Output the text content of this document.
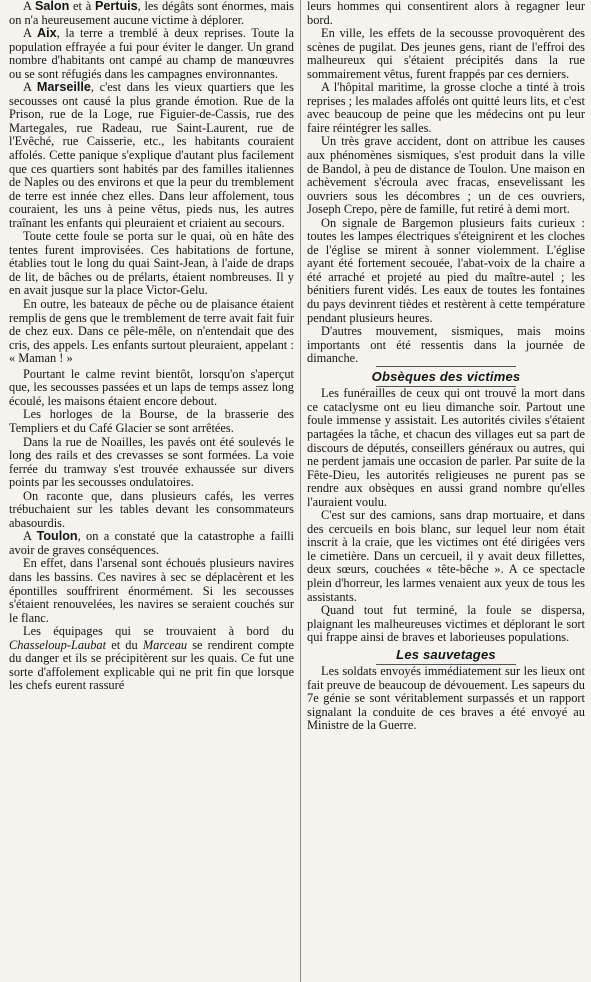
A Salon et à Pertuis, les dégâts sont énormes, mais on n'a heureusement aucune victime à déplorer.

A Aix, la terre a tremblé à deux reprises. Toute la population effrayée a fui pour éviter le danger. Un grand nombre d'habitants ont campé au champ de manœuvres ou se sont réfugiés dans les campagnes environnantes.

A Marseille, c'est dans les vieux quartiers que les secousses ont causé la plus grande émotion. Rue de la Prison, rue de la Loge, rue Figuier-de-Cassis, rue des Martegales, rue Radeau, rue Saint-Laurent, rue de l'Evêché, rue Caisserie, etc., les habitants couraient affolés. Cette panique s'explique d'autant plus facilement que ces quartiers sont habités par des familles italiennes de Naples ou des environs et que la peur du tremblement de terre est innée chez elles. Dans leur affolement, tous couraient, les uns à peine vêtus, pieds nus, les autres traînant les enfants qui pleuraient et criaient au secours.

Toute cette foule se porta sur le quai, où en hâte des tentes furent improvisées. Ces habitations de fortune, établies tout le long du quai Saint-Jean, à l'aide de draps de lit, de bâches ou de prélarts, étaient nombreuses. Il y en avait jusque sur la place Victor-Gelu.

En outre, les bateaux de pêche ou de plaisance étaient remplis de gens que le tremblement de terre avait fait fuir de chez eux. Dans ce pêle-mêle, on n'entendait que des cris, des appels. Les enfants surtout pleuraient, appelant : « Maman ! »

Pourtant le calme revint bientôt, lorsqu'on s'aperçut que, les secousses passées et un laps de temps assez long écoulé, les maisons étaient encore debout.

Les horloges de la Bourse, de la brasserie des Templiers et du Café Glacier se sont arrêtées.

Dans la rue de Noailles, les pavés ont été soulevés le long des rails et des crevasses se sont formées. La voie ferrée du tramway s'est trouvée exhaussée sur divers points par les secousses ondulatoires.

On raconte que, dans plusieurs cafés, les verres trébuchaient sur les tables devant les consommateurs abasourdis.

A Toulon, on a constaté que la catastrophe a failli avoir de graves conséquences.

En effet, dans l'arsenal sont échoués plusieurs navires dans les bassins. Ces navires à sec se déplacèrent et les épontilles souffrirent énormément. Si les secousses s'étaient renouvelées, les navires se seraient couchés sur le flanc.

Les équipages qui se trouvaient à bord du Chasseloup-Laubat et du Marceau se rendirent compte du danger et ils se précipitèrent sur les quais. Ce fut une sorte d'affolement explicable qui ne prit fin que lorsque les chefs eurent rassuré

leurs hommes qui consentirent alors à regagner leur bord.

En ville, les effets de la secousse provoquèrent des scènes de pugilat. Des jeunes gens, riant de l'effroi des malheureux qui s'étaient précipités dans la rue sommairement vêtus, furent frappés par ces derniers.

A l'hôpital maritime, la grosse cloche a tinté à trois reprises ; les malades affolés ont quitté leurs lits, et c'est avec beaucoup de peine que les médecins ont pu leur faire réintégrer les salles.

Un très grave accident, dont on attribue les causes aux phénomènes sismiques, s'est produit dans la ville de Bandol, à peu de distance de Toulon. Une maison en achèvement s'écroula avec fracas, ensevelissant les ouvriers sous les décombres ; un de ces ouvriers, Joseph Crepo, père de famille, fut retiré à demi mort.

On signale de Bargemon plusieurs faits curieux : toutes les lampes électriques s'éteignirent et les cloches de l'église se mirent à sonner violemment. L'église ayant été fortement secouée, l'abat-voix de la chaire a été arraché et projeté au pied du maître-autel ; les bénitiers furent vidés. Les eaux de toutes les fontaines du pays devinrent tièdes et restèrent à cette température pendant plusieurs heures.

D'autres mouvement, sismiques, mais moins importants ont été ressentis dans la journée de dimanche.

Obsèques des victimes

Les funérailles de ceux qui ont trouvé la mort dans ce cataclysme ont eu lieu dimanche soir. Partout une foule immense y assistait. Les autorités civiles s'étaient partagées la tâche, et chacun des villages eut sa part de discours de députés, conseillers généraux ou autres, qui ne perdent jamais une occasion de parler. Par suite de la Fête-Dieu, les autorités religieuses ne purent pas se rendre aux obsèques en aussi grand nombre qu'elles l'auraient voulu.

C'est sur des camions, sans drap mortuaire, et dans des cercueils en bois blanc, sur lequel leur nom était inscrit à la craie, que les victimes ont été dirigées vers le cimetière. Dans un cercueil, il y avait deux fillettes, deux sœurs, couchées « tête-bêche ». A ce spectacle plein d'horreur, les larmes venaient aux yeux de tous les assistants.

Quand tout fut terminé, la foule se dispersa, plaignant les malheureuses victimes et déplorant le sort qui frappe ainsi de braves et laborieuses populations.

Les sauvetages

Les soldats envoyés immédiatement sur les lieux ont fait preuve de beaucoup de dévouement. Les sapeurs du 7e génie se sont véritablement surpassés et un rapport signalant la conduite de ces braves a été envoyé au Ministre de la Guerre.
